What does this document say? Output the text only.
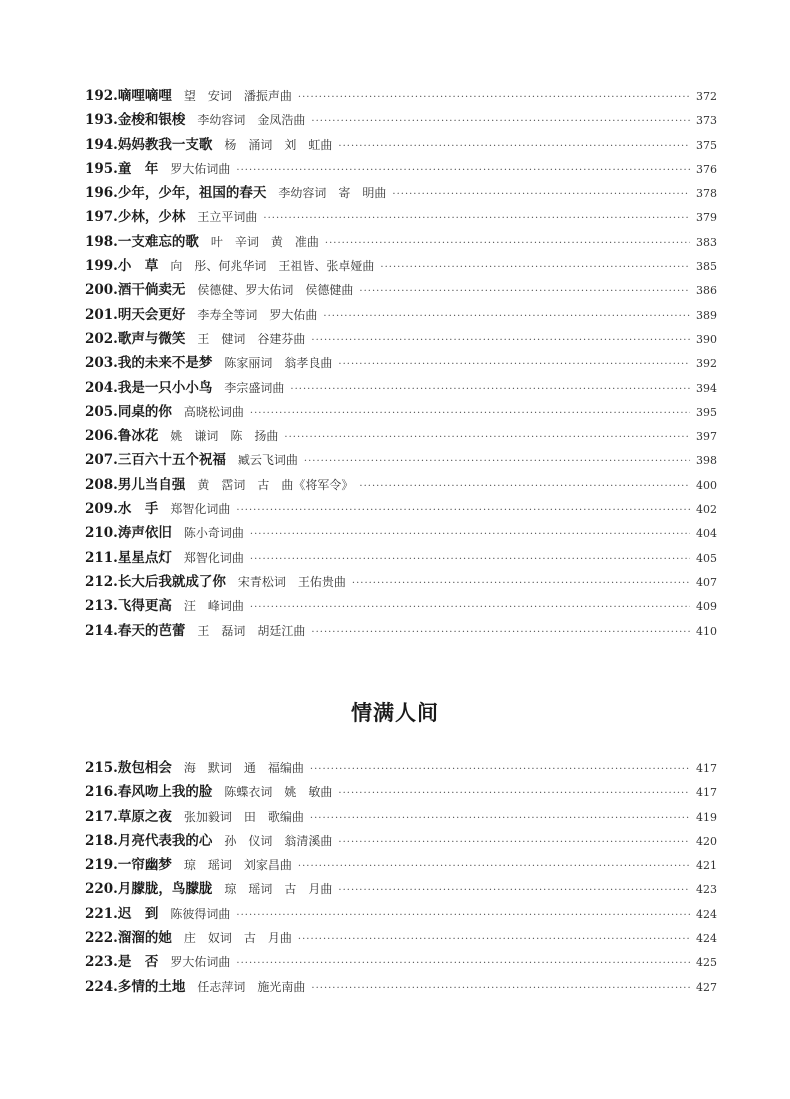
192. 嘀哩嘀哩 望　安词　潘振声曲 ·····	372
193. 金梭和银梭 李幼容词　金凤浩曲 ·····	373
194. 妈妈教我一支歌 杨　涌词　刘　虹曲 ·····	375
195. 童　年 罗大佑词曲 ·····	376
196. 少年，少年，祖国的春天 李幼容词　寄　明曲 ·····	378
197. 少林，少林 王立平词曲 ·····	379
198. 一支难忘的歌 叶　辛词　黄　准曲 ·····	383
199. 小　草 向　彤、何兆华词　王祖皆、张卓娅曲 ·····	385
200. 酒干倘卖无 侯德健、罗大佑词　侯德健曲 ·····	386
201. 明天会更好 李寿全等词　罗大佑曲 ·····	389
202. 歌声与微笑 王　健词　谷建芬曲 ·····	390
203. 我的未来不是梦 陈家丽词　翁孝良曲 ·····	392
204. 我是一只小小鸟 李宗盛词曲 ·····	394
205. 同桌的你 高晓松词曲 ·····	395
206. 鲁冰花 姚　谦词　陈　扬曲 ·····	397
207. 三百六十五个祝福 臧云飞词曲 ·····	398
208. 男儿当自强 黄　霑词　古　曲《将军令》 ·····	400
209. 水　手 郑智化词曲 ·····	402
210. 涛声依旧 陈小奇词曲 ·····	404
211. 星星点灯 郑智化词曲 ·····	405
212. 长大后我就成了你 宋青松词　王佑贵曲 ·····	407
213. 飞得更高 汪　峰词曲 ·····	409
214. 春天的芭蕾 王　磊词　胡廷江曲 ·····	410
情满人间
215. 敖包相会 海　默词　通　福编曲 ·····	417
216. 春风吻上我的脸 陈蝶衣词　姚　敏曲 ·····	417
217. 草原之夜 张加毅词　田　歌编曲 ·····	419
218. 月亮代表我的心 孙　仪词　翁清溪曲 ·····	420
219. 一帘幽梦 琼　瑶词　刘家昌曲 ·····	421
220. 月朦胧，鸟朦胧 琼　瑶词　古　月曲 ·····	423
221. 迟　到 陈彼得词曲 ·····	424
222. 溜溜的她 庄　奴词　古　月曲 ·····	424
223. 是　否 罗大佑词曲 ·····	425
224. 多情的土地 任志萍词　施光南曲 ·····	427
